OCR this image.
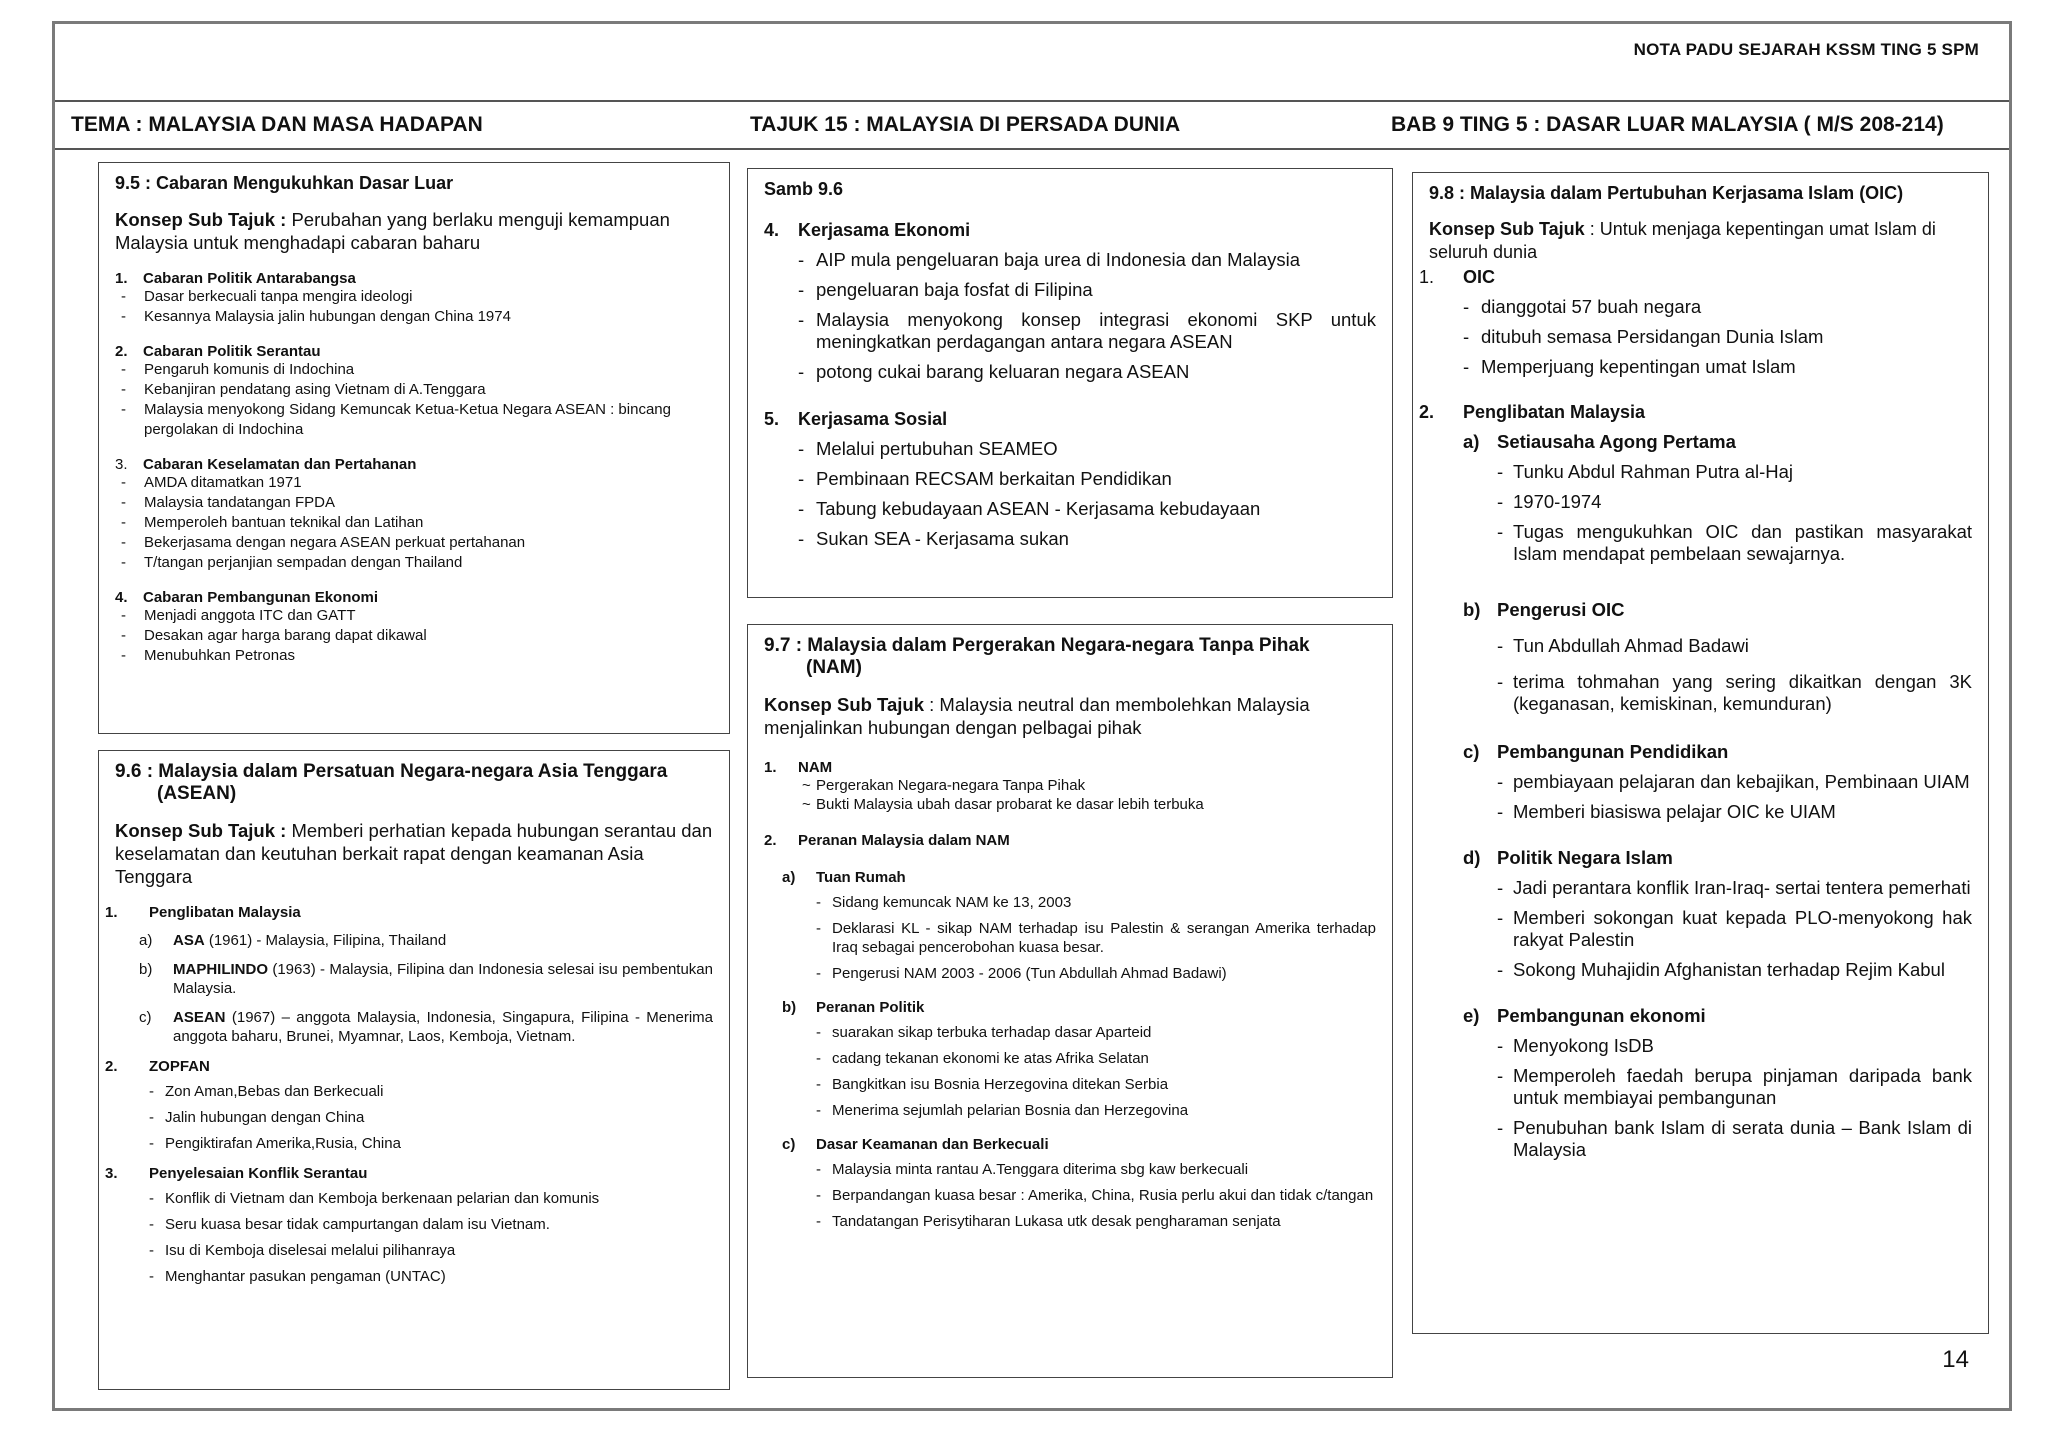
NOTA PADU SEJARAH KSSM TING 5 SPM
TEMA : MALAYSIA DAN MASA HADAPAN	TAJUK 15 : MALAYSIA DI PERSADA DUNIA	BAB 9 TING 5 : DASAR LUAR MALAYSIA ( M/S 208-214)
9.5 : Cabaran Mengukuhkan Dasar Luar
Konsep Sub Tajuk : Perubahan yang berlaku menguji kemampuan Malaysia untuk menghadapi cabaran baharu
1.	Cabaran Politik Antarabangsa
-	Dasar berkecuali tanpa mengira ideologi
-	Kesannya Malaysia jalin hubungan dengan China 1974
2.	Cabaran Politik Serantau
-	Pengaruh komunis di Indochina
-	Kebanjiran pendatang asing Vietnam di A.Tenggara
-	Malaysia menyokong Sidang Kemuncak Ketua-Ketua Negara ASEAN : bincang pergolakan di Indochina
3.	Cabaran Keselamatan dan Pertahanan
-	AMDA ditamatkan 1971
-	Malaysia tandatangan FPDA
-	Memperoleh bantuan teknikal dan Latihan
-	Bekerjasama dengan negara ASEAN perkuat pertahanan
-	T/tangan perjanjian sempadan dengan Thailand
4.	Cabaran Pembangunan Ekonomi
-	Menjadi anggota ITC dan GATT
-	Desakan agar harga barang dapat dikawal
-	Menubuhkan Petronas
9.6 : Malaysia dalam Persatuan Negara-negara Asia Tenggara
(ASEAN)
Konsep Sub Tajuk : Memberi perhatian kepada hubungan serantau dan keselamatan dan keutuhan berkait rapat dengan keamanan Asia Tenggara
1.	Penglibatan Malaysia
a)	ASA (1961) - Malaysia, Filipina, Thailand
b)	MAPHILINDO (1963) - Malaysia, Filipina dan Indonesia selesai isu pembentukan Malaysia.
c)	ASEAN (1967) – anggota Malaysia, Indonesia, Singapura, Filipina - Menerima anggota baharu, Brunei, Myamnar, Laos, Kemboja, Vietnam.
2.	ZOPFAN
- Zon Aman,Bebas dan Berkecuali
- Jalin hubungan dengan China
- Pengiktirafan Amerika,Rusia, China
3.	Penyelesaian Konflik Serantau
- Konflik di Vietnam dan Kemboja berkenaan pelarian dan komunis
- Seru kuasa besar tidak campurtangan dalam isu Vietnam.
- Isu di Kemboja diselesai melalui pilihanraya
- Menghantar pasukan pengaman (UNTAC)
Samb 9.6
4.	Kerjasama Ekonomi
- AIP mula pengeluaran baja urea di Indonesia dan Malaysia
- pengeluaran baja fosfat di Filipina
- Malaysia menyokong konsep integrasi ekonomi SKP untuk meningkatkan perdagangan antara negara ASEAN
- potong cukai barang keluaran negara ASEAN
5.	Kerjasama Sosial
- Melalui pertubuhan SEAMEO
- Pembinaan RECSAM berkaitan Pendidikan
- Tabung kebudayaan ASEAN - Kerjasama kebudayaan
- Sukan SEA - Kerjasama sukan
9.7 : Malaysia dalam Pergerakan Negara-negara Tanpa Pihak
(NAM)
Konsep Sub Tajuk : Malaysia neutral dan membolehkan Malaysia menjalinkan hubungan dengan pelbagai pihak
1.	NAM
~ Pergerakan Negara-negara Tanpa Pihak
~ Bukti Malaysia ubah dasar probarat ke dasar lebih terbuka
2.	Peranan Malaysia dalam NAM
a)	Tuan Rumah
- Sidang kemuncak NAM ke 13, 2003
- Deklarasi KL - sikap NAM terhadap isu Palestin & serangan Amerika terhadap Iraq sebagai pencerobohan kuasa besar.
- Pengerusi NAM 2003 - 2006 (Tun Abdullah Ahmad Badawi)
b)	Peranan Politik
- suarakan sikap terbuka terhadap dasar Aparteid
- cadang tekanan ekonomi ke atas Afrika Selatan
- Bangkitkan isu Bosnia Herzegovina ditekan Serbia
- Menerima sejumlah pelarian Bosnia dan Herzegovina
c)	Dasar Keamanan dan Berkecuali
- Malaysia minta rantau A.Tenggara diterima sbg kaw berkecuali
- Berpandangan kuasa besar : Amerika, China, Rusia perlu akui dan tidak c/tangan
- Tandatangan Perisytiharan Lukasa utk desak pengharaman senjata
9.8 : Malaysia dalam Pertubuhan Kerjasama Islam (OIC)
Konsep Sub Tajuk : Untuk menjaga kepentingan umat Islam di seluruh dunia
1.	OIC
- dianggotai 57 buah negara
- ditubuh semasa Persidangan Dunia Islam
- Memperjuang kepentingan umat Islam
2.	Penglibatan Malaysia
a) Setiausaha Agong Pertama
- Tunku Abdul Rahman Putra al-Haj
- 1970-1974
- Tugas mengukuhkan OIC dan pastikan masyarakat Islam mendapat pembelaan sewajarnya.
b) Pengerusi OIC
- Tun Abdullah Ahmad Badawi
- terima tohmahan yang sering dikaitkan dengan 3K (keganasan, kemiskinan, kemunduran)
c) Pembangunan Pendidikan
- pembiayaan pelajaran dan kebajikan, Pembinaan UIAM
- Memberi biasiswa pelajar OIC ke UIAM
d) Politik Negara Islam
- Jadi perantara konflik Iran-Iraq- sertai tentera pemerhati
- Memberi sokongan kuat kepada PLO-menyokong hak rakyat Palestin
- Sokong Muhajidin Afghanistan terhadap Rejim Kabul
e) Pembangunan ekonomi
- Menyokong IsDB
- Memperoleh faedah berupa pinjaman daripada bank untuk membiayai pembangunan
- Penubuhan bank Islam di serata dunia – Bank Islam di Malaysia
14
